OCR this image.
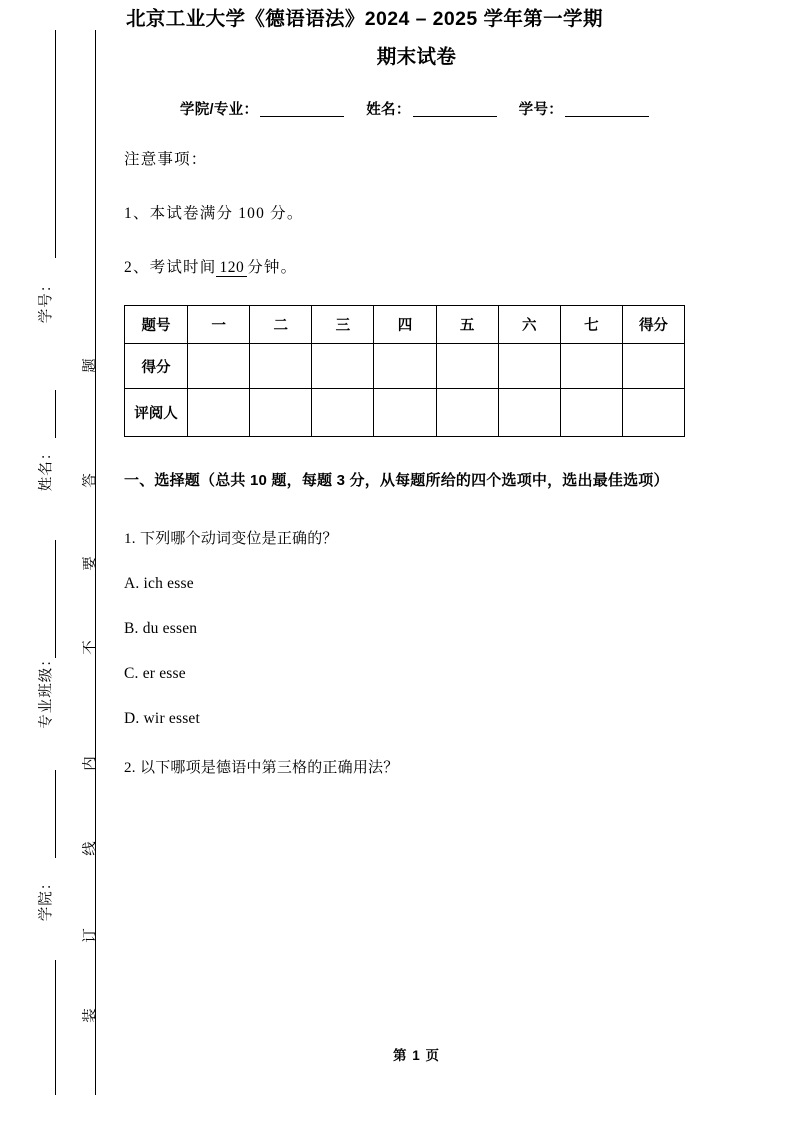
学号：
姓名：
专业班级：
学院：
题
答
要
不
内
线
订
装
北京工业大学《德语语法》2024 – 2025 学年第一学期
期末试卷
学院/专业：	姓名：	学号：
注意事项：
1、本试卷满分 100 分。
2、考试时间 120 分钟。
题号	一	二	三	四	五	六	七	得分
得分								
评阅人								
一、选择题（总共 10 题，每题 3 分，从每题所给的四个选项中，选出最佳选项）
1. 下列哪个动词变位是正确的？
A. ich esse
B. du essen
C. er esse
D. wir esset
2. 以下哪项是德语中第三格的正确用法？
第 1 页
